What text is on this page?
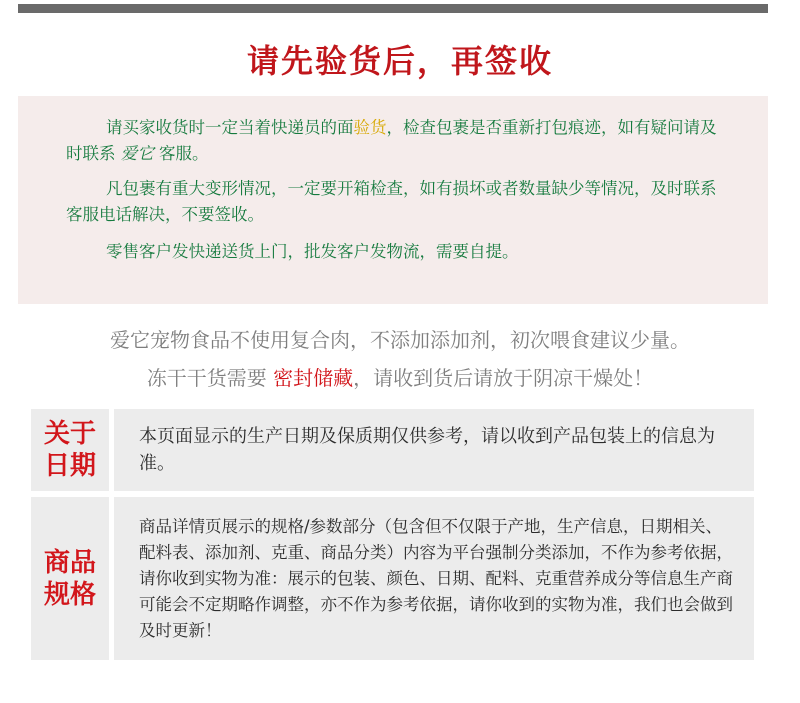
请先验货后，再签收

请买家收货时一定当着快递员的面验货，检查包裹是否重新打包痕迹，如有疑问请及时联系 爱它 客服。

凡包裹有重大变形情况，一定要开箱检查，如有损坏或者数量缺少等情况，及时联系客服电话解决，不要签收。

零售客户发快递送货上门，批发客户发物流，需要自提。

爱它宠物食品不使用复合肉，不添加添加剂，初次喂食建议少量。
冻干干货需要 密封储藏，请收到货后请放于阴凉干燥处！
关于
日期

本页面显示的生产日期及保质期仅供参考，请以收到产品包装上的信息为准。

商品
规格

商品详情页展示的规格/参数部分（包含但不仅限于产地，生产信息，日期相关、配料表、添加剂、克重、商品分类）内容为平台强制分类添加，不作为参考依据，请你收到实物为准：展示的包装、颜色、日期、配料、克重营养成分等信息生产商可能会不定期略作调整，亦不作为参考依据，请你收到的实物为准，我们也会做到及时更新！
